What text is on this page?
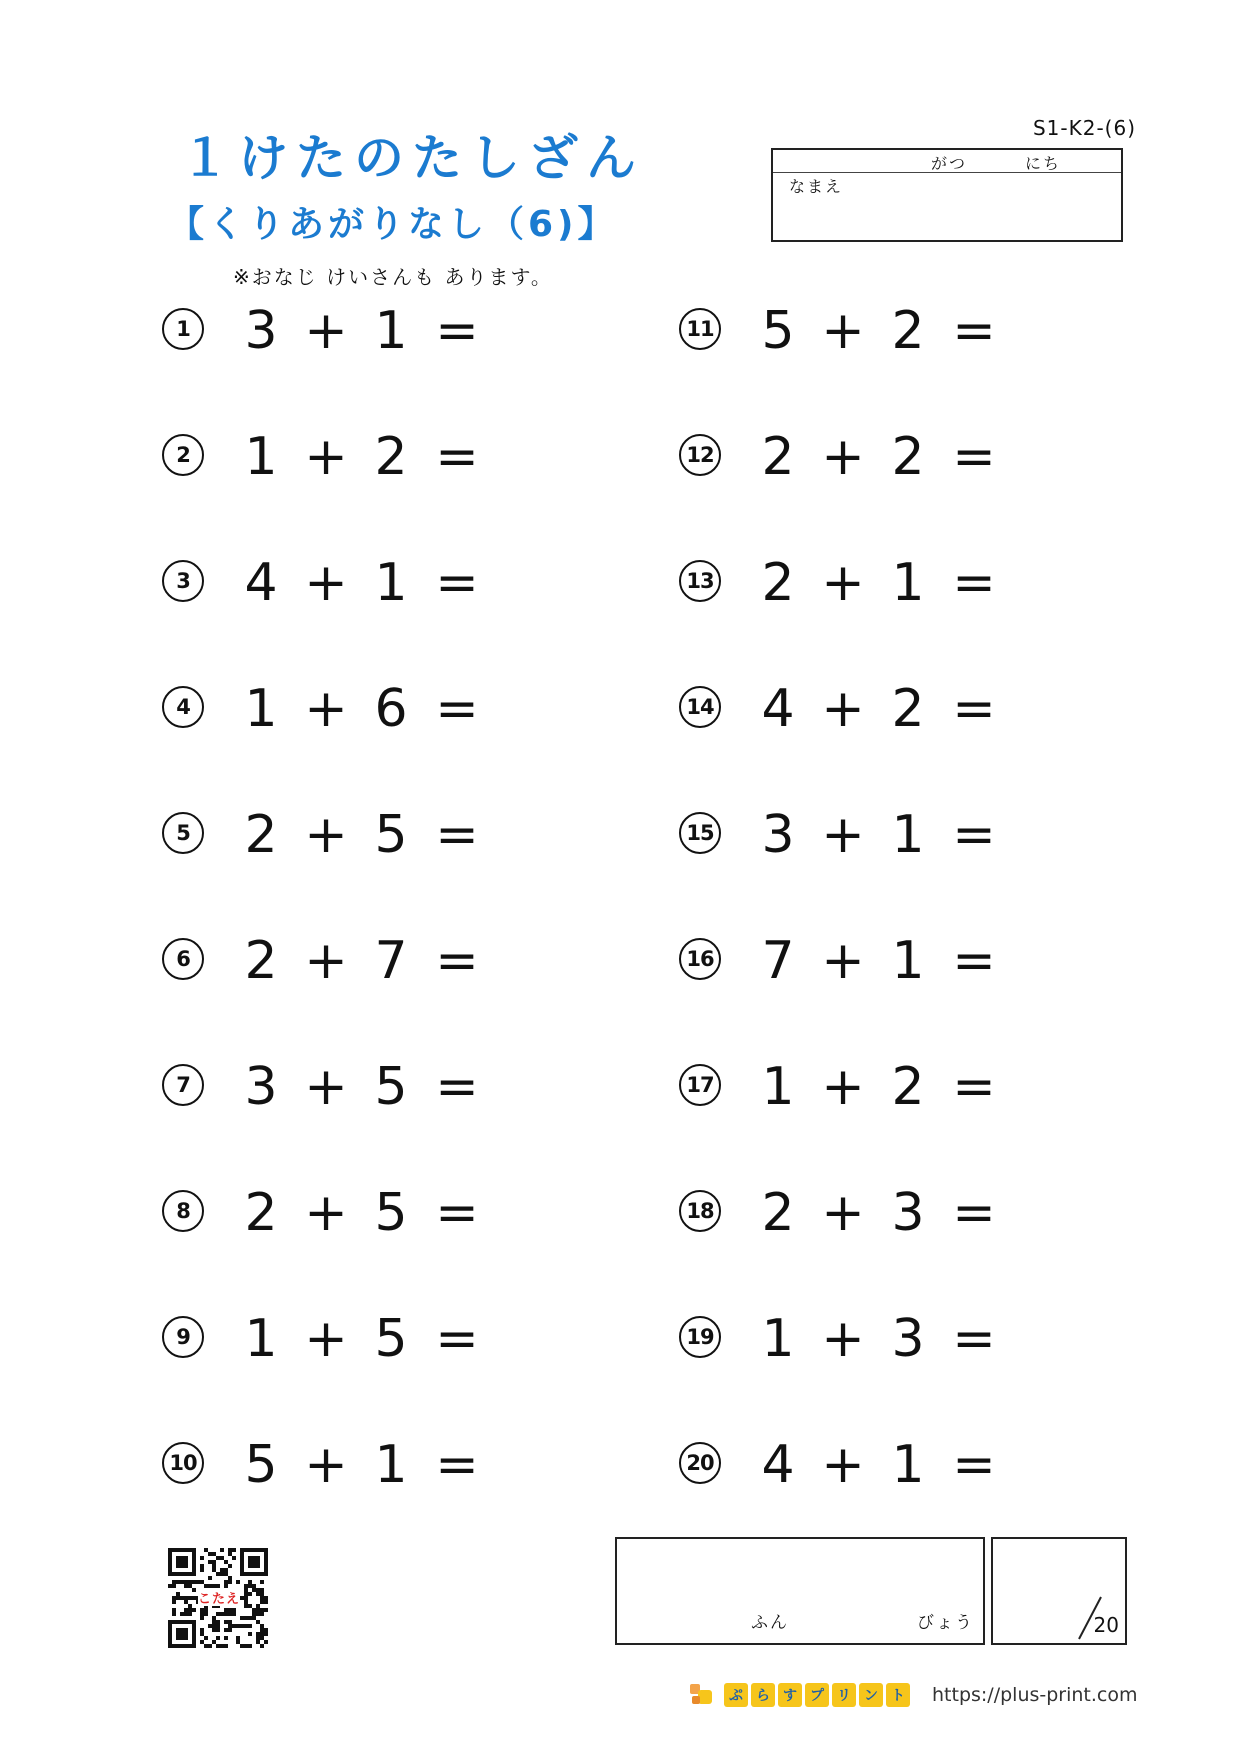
１けたのたしざん
【くりあがりなし（6)】
※おなじ けいさんも あります。
S1-K2-(6)
がつ	にち
なまえ
1 3 + 1 =
2 1 + 2 =
3 4 + 1 =
4 1 + 6 =
5 2 + 5 =
6 2 + 7 =
7 3 + 5 =
8 2 + 5 =
9 1 + 5 =
10 5 + 1 =
11 5 + 2 =
12 2 + 2 =
13 2 + 1 =
14 4 + 2 =
15 3 + 1 =
16 7 + 1 =
17 1 + 2 =
18 2 + 3 =
19 1 + 3 =
20 4 + 1 =
ふん	びょう	20
こたえ
ぷ ら す プ リ ン ト https://plus-print.com
